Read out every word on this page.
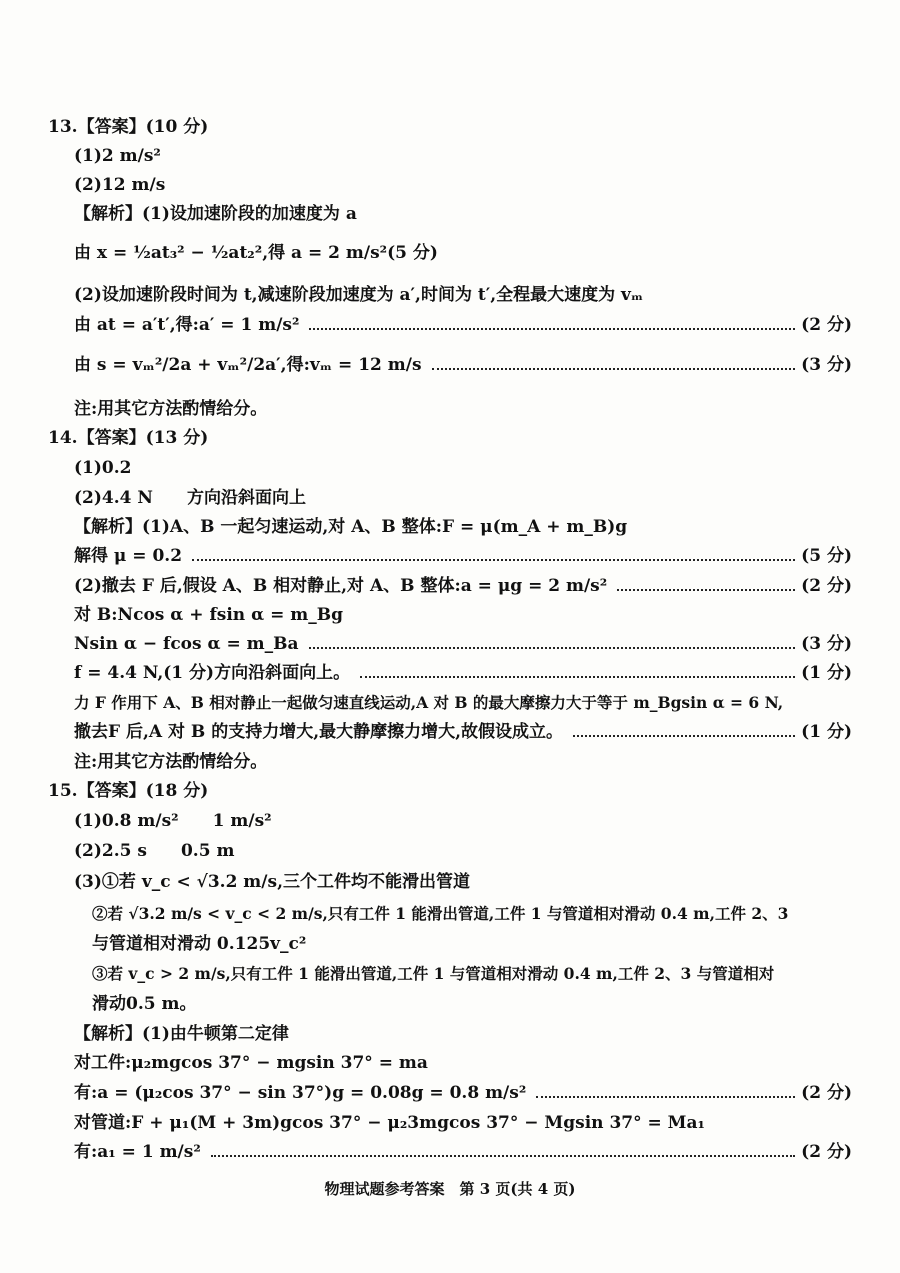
13.【答案】(10 分)
(1)2 m/s²
(2)12 m/s
【解析】(1)设加速阶段的加速度为 a
由 x = ½at₃² − ½at₂²,得 a = 2 m/s²(5 分)
(2)设加速阶段时间为 t,减速阶段加速度为 a′,时间为 t′,全程最大速度为 vₘ
由 at = a′t′,得:a′ = 1 m/s²	(2 分)
由 s = vₘ²/2a + vₘ²/2a′,得:vₘ = 12 m/s	(3 分)
注:用其它方法酌情给分。
14.【答案】(13 分)
(1)0.2
(2)4.4 N　　方向沿斜面向上
【解析】(1)A、B 一起匀速运动,对 A、B 整体:F = μ(m_A + m_B)g
解得 μ = 0.2	(5 分)
(2)撤去 F 后,假设 A、B 相对静止,对 A、B 整体:a = μg = 2 m/s²	(2 分)
对 B:Ncos α + fsin α = m_Bg
Nsin α − fcos α = m_Ba	(3 分)
f = 4.4 N,(1 分)方向沿斜面向上。	(1 分)
力 F 作用下 A、B 相对静止一起做匀速直线运动,A 对 B 的最大摩擦力大于等于 m_Bgsin α = 6 N,
撤去F 后,A 对 B 的支持力增大,最大静摩擦力增大,故假设成立。	(1 分)
注:用其它方法酌情给分。
15.【答案】(18 分)
(1)0.8 m/s²　　1 m/s²
(2)2.5 s　　0.5 m
(3)①若 v_c < √3.2 m/s,三个工件均不能滑出管道
②若 √3.2 m/s < v_c < 2 m/s,只有工件 1 能滑出管道,工件 1 与管道相对滑动 0.4 m,工件 2、3
与管道相对滑动 0.125v_c²
③若 v_c > 2 m/s,只有工件 1 能滑出管道,工件 1 与管道相对滑动 0.4 m,工件 2、3 与管道相对
滑动0.5 m。
【解析】(1)由牛顿第二定律
对工件:μ₂mgcos 37° − mgsin 37° = ma
有:a = (μ₂cos 37° − sin 37°)g = 0.08g = 0.8 m/s²	(2 分)
对管道:F + μ₁(M + 3m)gcos 37° − μ₂3mgcos 37° − Mgsin 37° = Ma₁
有:a₁ = 1 m/s²	(2 分)
物理试题参考答案　第 3 页(共 4 页)
